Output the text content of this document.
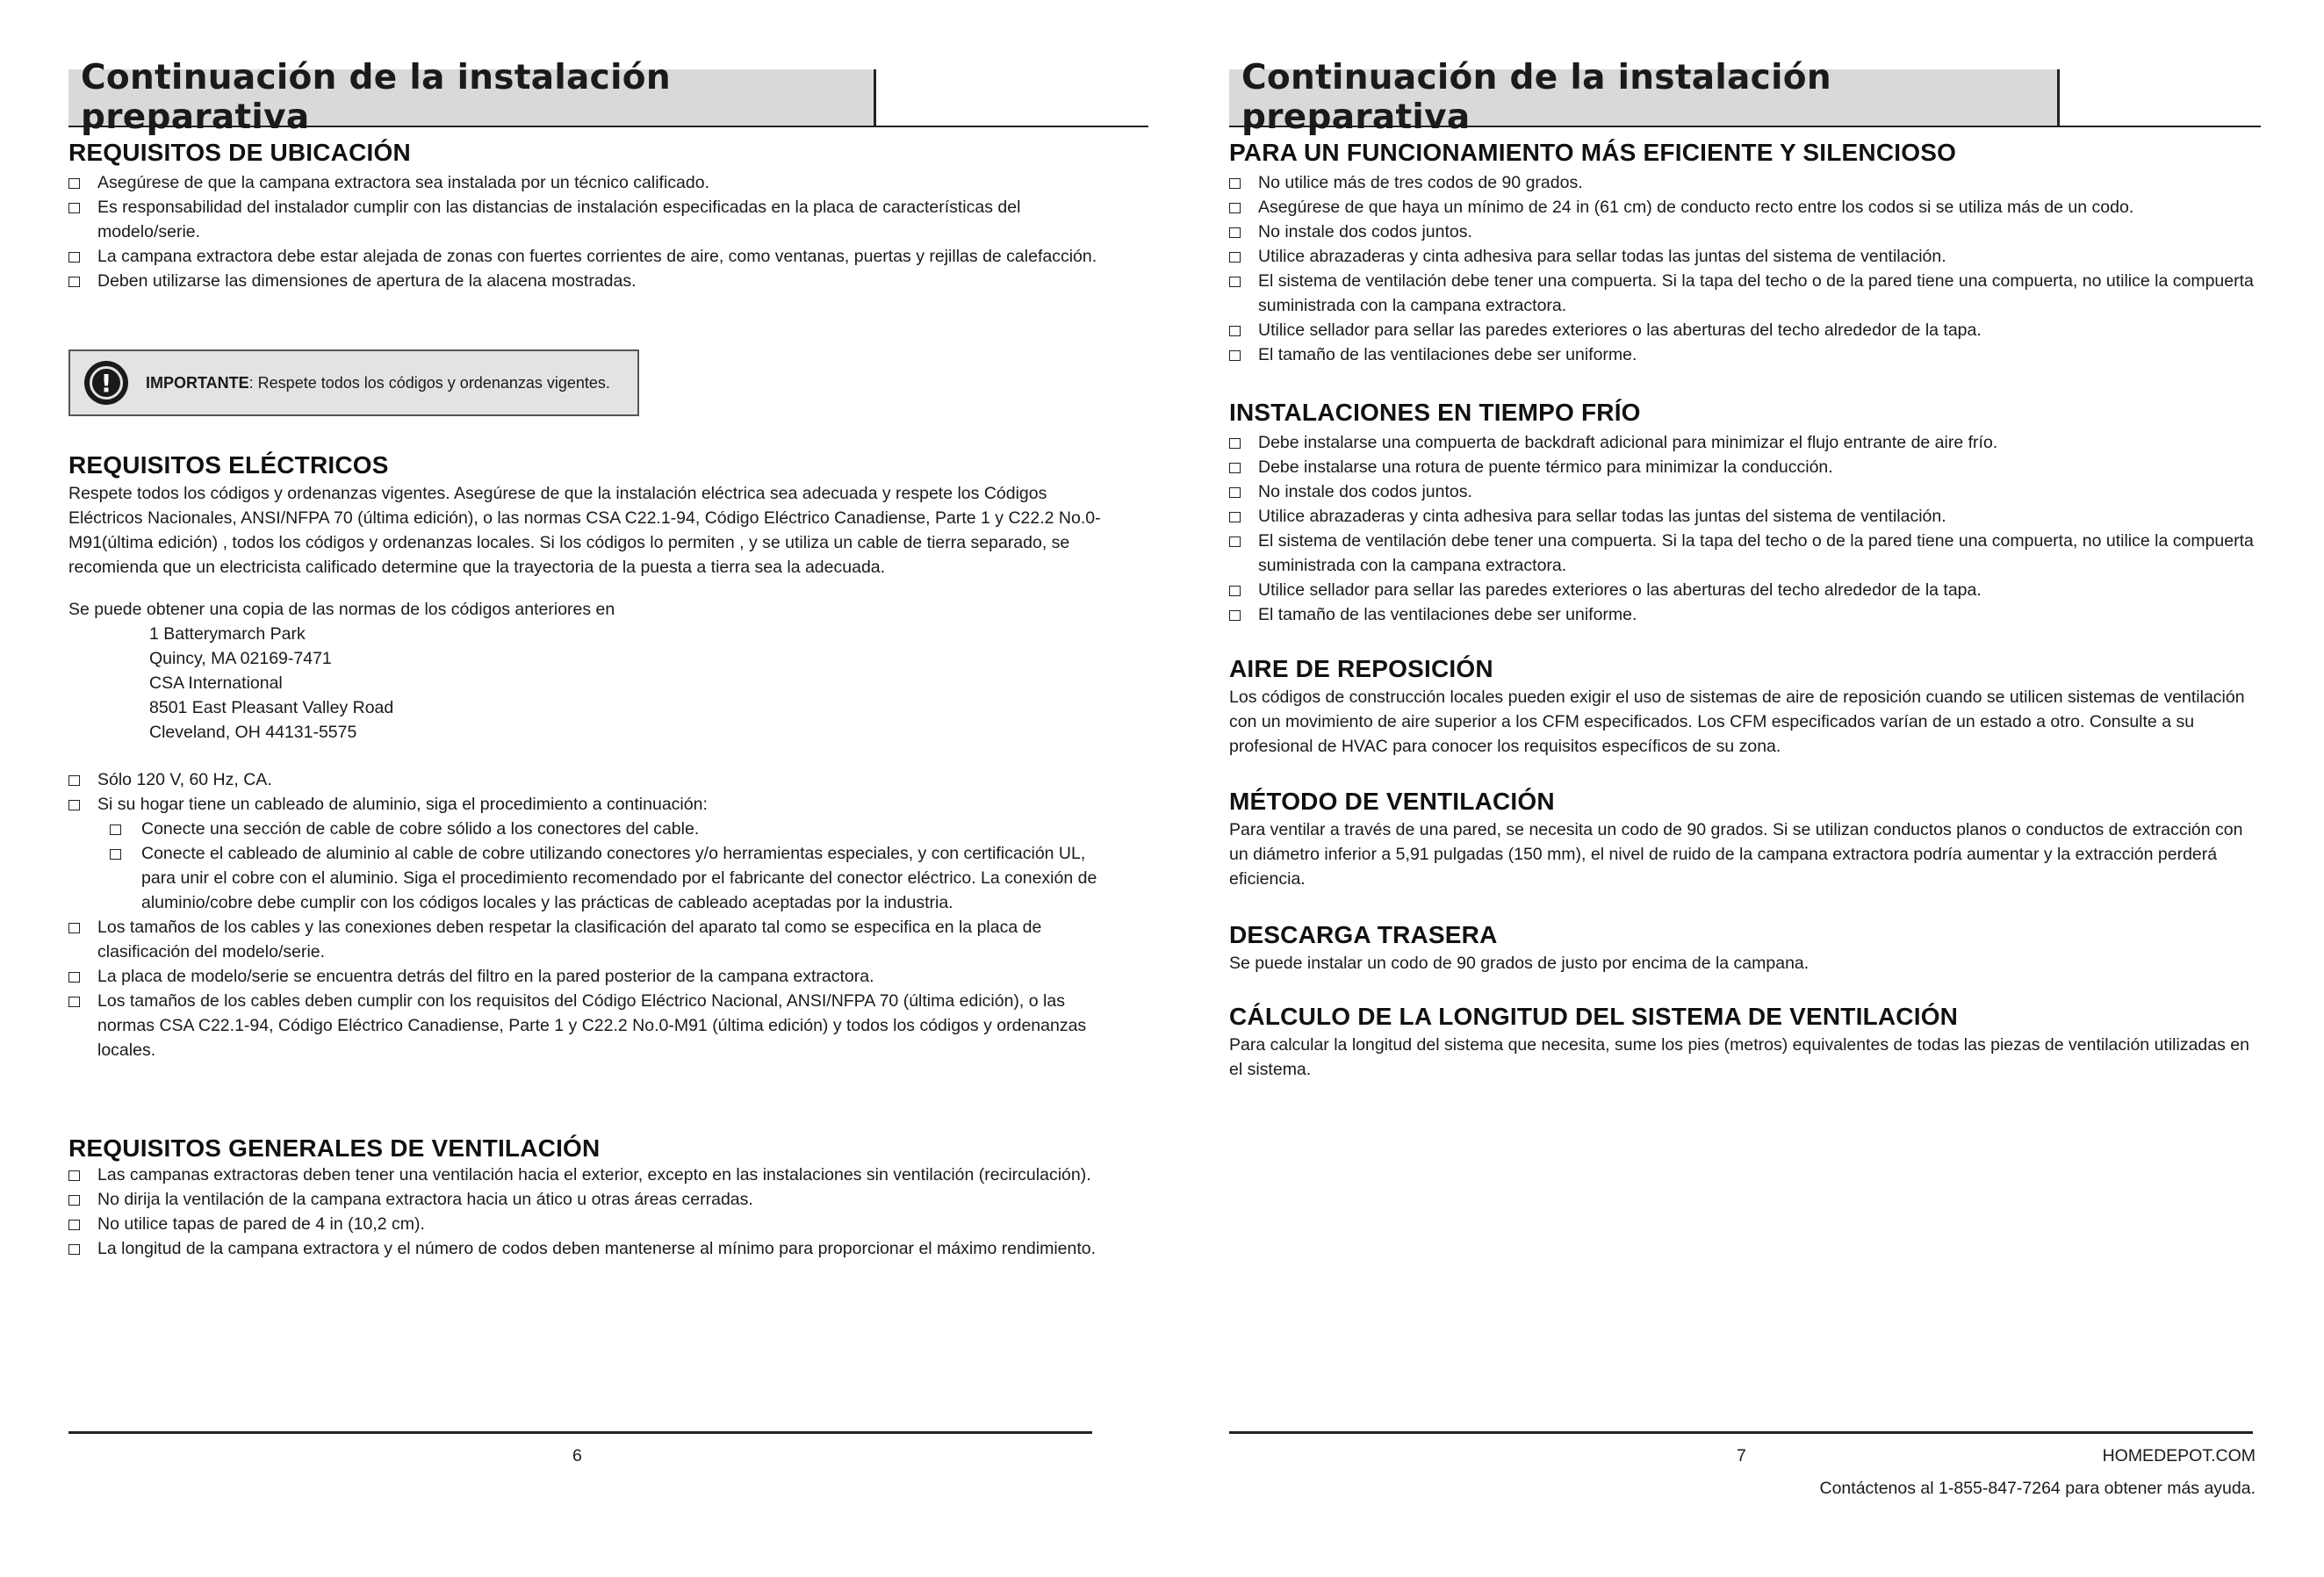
Continuación de la instalación preparativa
REQUISITOS DE UBICACIÓN
Asegúrese de que la campana extractora sea instalada por un técnico calificado.
Es responsabilidad del instalador cumplir con las distancias de instalación especificadas en la placa de características del modelo/serie.
La campana extractora debe estar alejada de zonas con fuertes corrientes de aire, como ventanas, puertas y rejillas de calefacción.
Deben utilizarse las dimensiones de apertura de la alacena mostradas.
!	IMPORTANTE: Respete todos los códigos y ordenanzas vigentes.
REQUISITOS ELÉCTRICOS

Respete todos los códigos y ordenanzas vigentes. Asegúrese de que la instalación eléctrica sea adecuada y respete los Códigos Eléctricos Nacionales, ANSI/NFPA 70 (última edición), o las normas CSA C22.1-94, Código Eléctrico Canadiense, Parte 1 y C22.2 No.0-M91(última edición) , todos los códigos y ordenanzas locales. Si los códigos lo permiten , y se utiliza un cable de tierra separado, se recomienda que un electricista calificado determine que la trayectoria de la puesta a tierra sea la adecuada.

Se puede obtener una copia de las normas de los códigos anteriores en

1 Batterymarch Park
Quincy, MA 02169-7471
CSA International
8501 East Pleasant Valley Road
Cleveland, OH 44131-5575
Sólo 120 V, 60 Hz, CA.
Si su hogar tiene un cableado de aluminio, siga el procedimiento a continuación:
Conecte una sección de cable de cobre sólido a los conectores del cable.
Conecte el cableado de aluminio al cable de cobre utilizando conectores y/o herramientas especiales, y con certificación UL, para unir el cobre con el aluminio. Siga el procedimiento recomendado por el fabricante del conector eléctrico. La conexión de aluminio/cobre debe cumplir con los códigos locales y las prácticas de cableado aceptadas por la industria.
Los tamaños de los cables y las conexiones deben respetar la clasificación del aparato tal como se especifica en la placa de clasificación del modelo/serie.
La placa de modelo/serie se encuentra detrás del filtro en la pared posterior de la campana extractora.
Los tamaños de los cables deben cumplir con los requisitos del Código Eléctrico Nacional, ANSI/NFPA 70 (última edición), o las normas CSA C22.1-94, Código Eléctrico Canadiense, Parte 1 y C22.2 No.0-M91 (última edición) y todos los códigos y ordenanzas locales.
REQUISITOS GENERALES DE VENTILACIÓN
Las campanas extractoras deben tener una ventilación hacia el exterior, excepto en las instalaciones sin ventilación (recirculación).
No dirija la ventilación de la campana extractora hacia un ático u otras áreas cerradas.
No utilice tapas de pared de 4 in (10,2 cm).
La longitud de la campana extractora y el número de codos deben mantenerse al mínimo para proporcionar el máximo rendimiento.
6
Continuación de la instalación preparativa
PARA UN FUNCIONAMIENTO MÁS EFICIENTE Y SILENCIOSO
No utilice más de tres codos de 90 grados.
Asegúrese de que haya un mínimo de 24 in (61 cm) de conducto recto entre los codos si se utiliza más de un codo.
No instale dos codos juntos.
Utilice abrazaderas y cinta adhesiva para sellar todas las juntas del sistema de ventilación.
El sistema de ventilación debe tener una compuerta. Si la tapa del techo o de la pared tiene una compuerta, no utilice la compuerta suministrada con la campana extractora.
Utilice sellador para sellar las paredes exteriores o las aberturas del techo alrededor de la tapa.
El tamaño de las ventilaciones debe ser uniforme.
INSTALACIONES EN TIEMPO FRÍO
Debe instalarse una compuerta de backdraft adicional para minimizar el flujo entrante de aire frío.
Debe instalarse una rotura de puente térmico para minimizar la conducción.
No instale dos codos juntos.
Utilice abrazaderas y cinta adhesiva para sellar todas las juntas del sistema de ventilación.
El sistema de ventilación debe tener una compuerta. Si la tapa del techo o de la pared tiene una compuerta, no utilice la compuerta suministrada con la campana extractora.
Utilice sellador para sellar las paredes exteriores o las aberturas del techo alrededor de la tapa.
El tamaño de las ventilaciones debe ser uniforme.
AIRE DE REPOSICIÓN

Los códigos de construcción locales pueden exigir el uso de sistemas de aire de reposición cuando se utilicen sistemas de ventilación con un movimiento de aire superior a los CFM especificados. Los CFM especificados varían de un estado a otro. Consulte a su profesional de HVAC para conocer los requisitos específicos de su zona.

MÉTODO DE VENTILACIÓN

Para ventilar a través de una pared, se necesita un codo de 90 grados. Si se utilizan conductos planos o conductos de extracción con un diámetro inferior a 5,91 pulgadas (150 mm), el nivel de ruido de la campana extractora podría aumentar y la extracción perderá eficiencia.

DESCARGA TRASERA

Se puede instalar un codo de 90 grados de justo por encima de la campana.

CÁLCULO DE LA LONGITUD DEL SISTEMA DE VENTILACIÓN

Para calcular la longitud del sistema que necesita, sume los pies (metros) equivalentes de todas las piezas de ventilación utilizadas en el sistema.

7	HOMEDEPOT.COM
Contáctenos al 1-855-847-7264 para obtener más ayuda.
